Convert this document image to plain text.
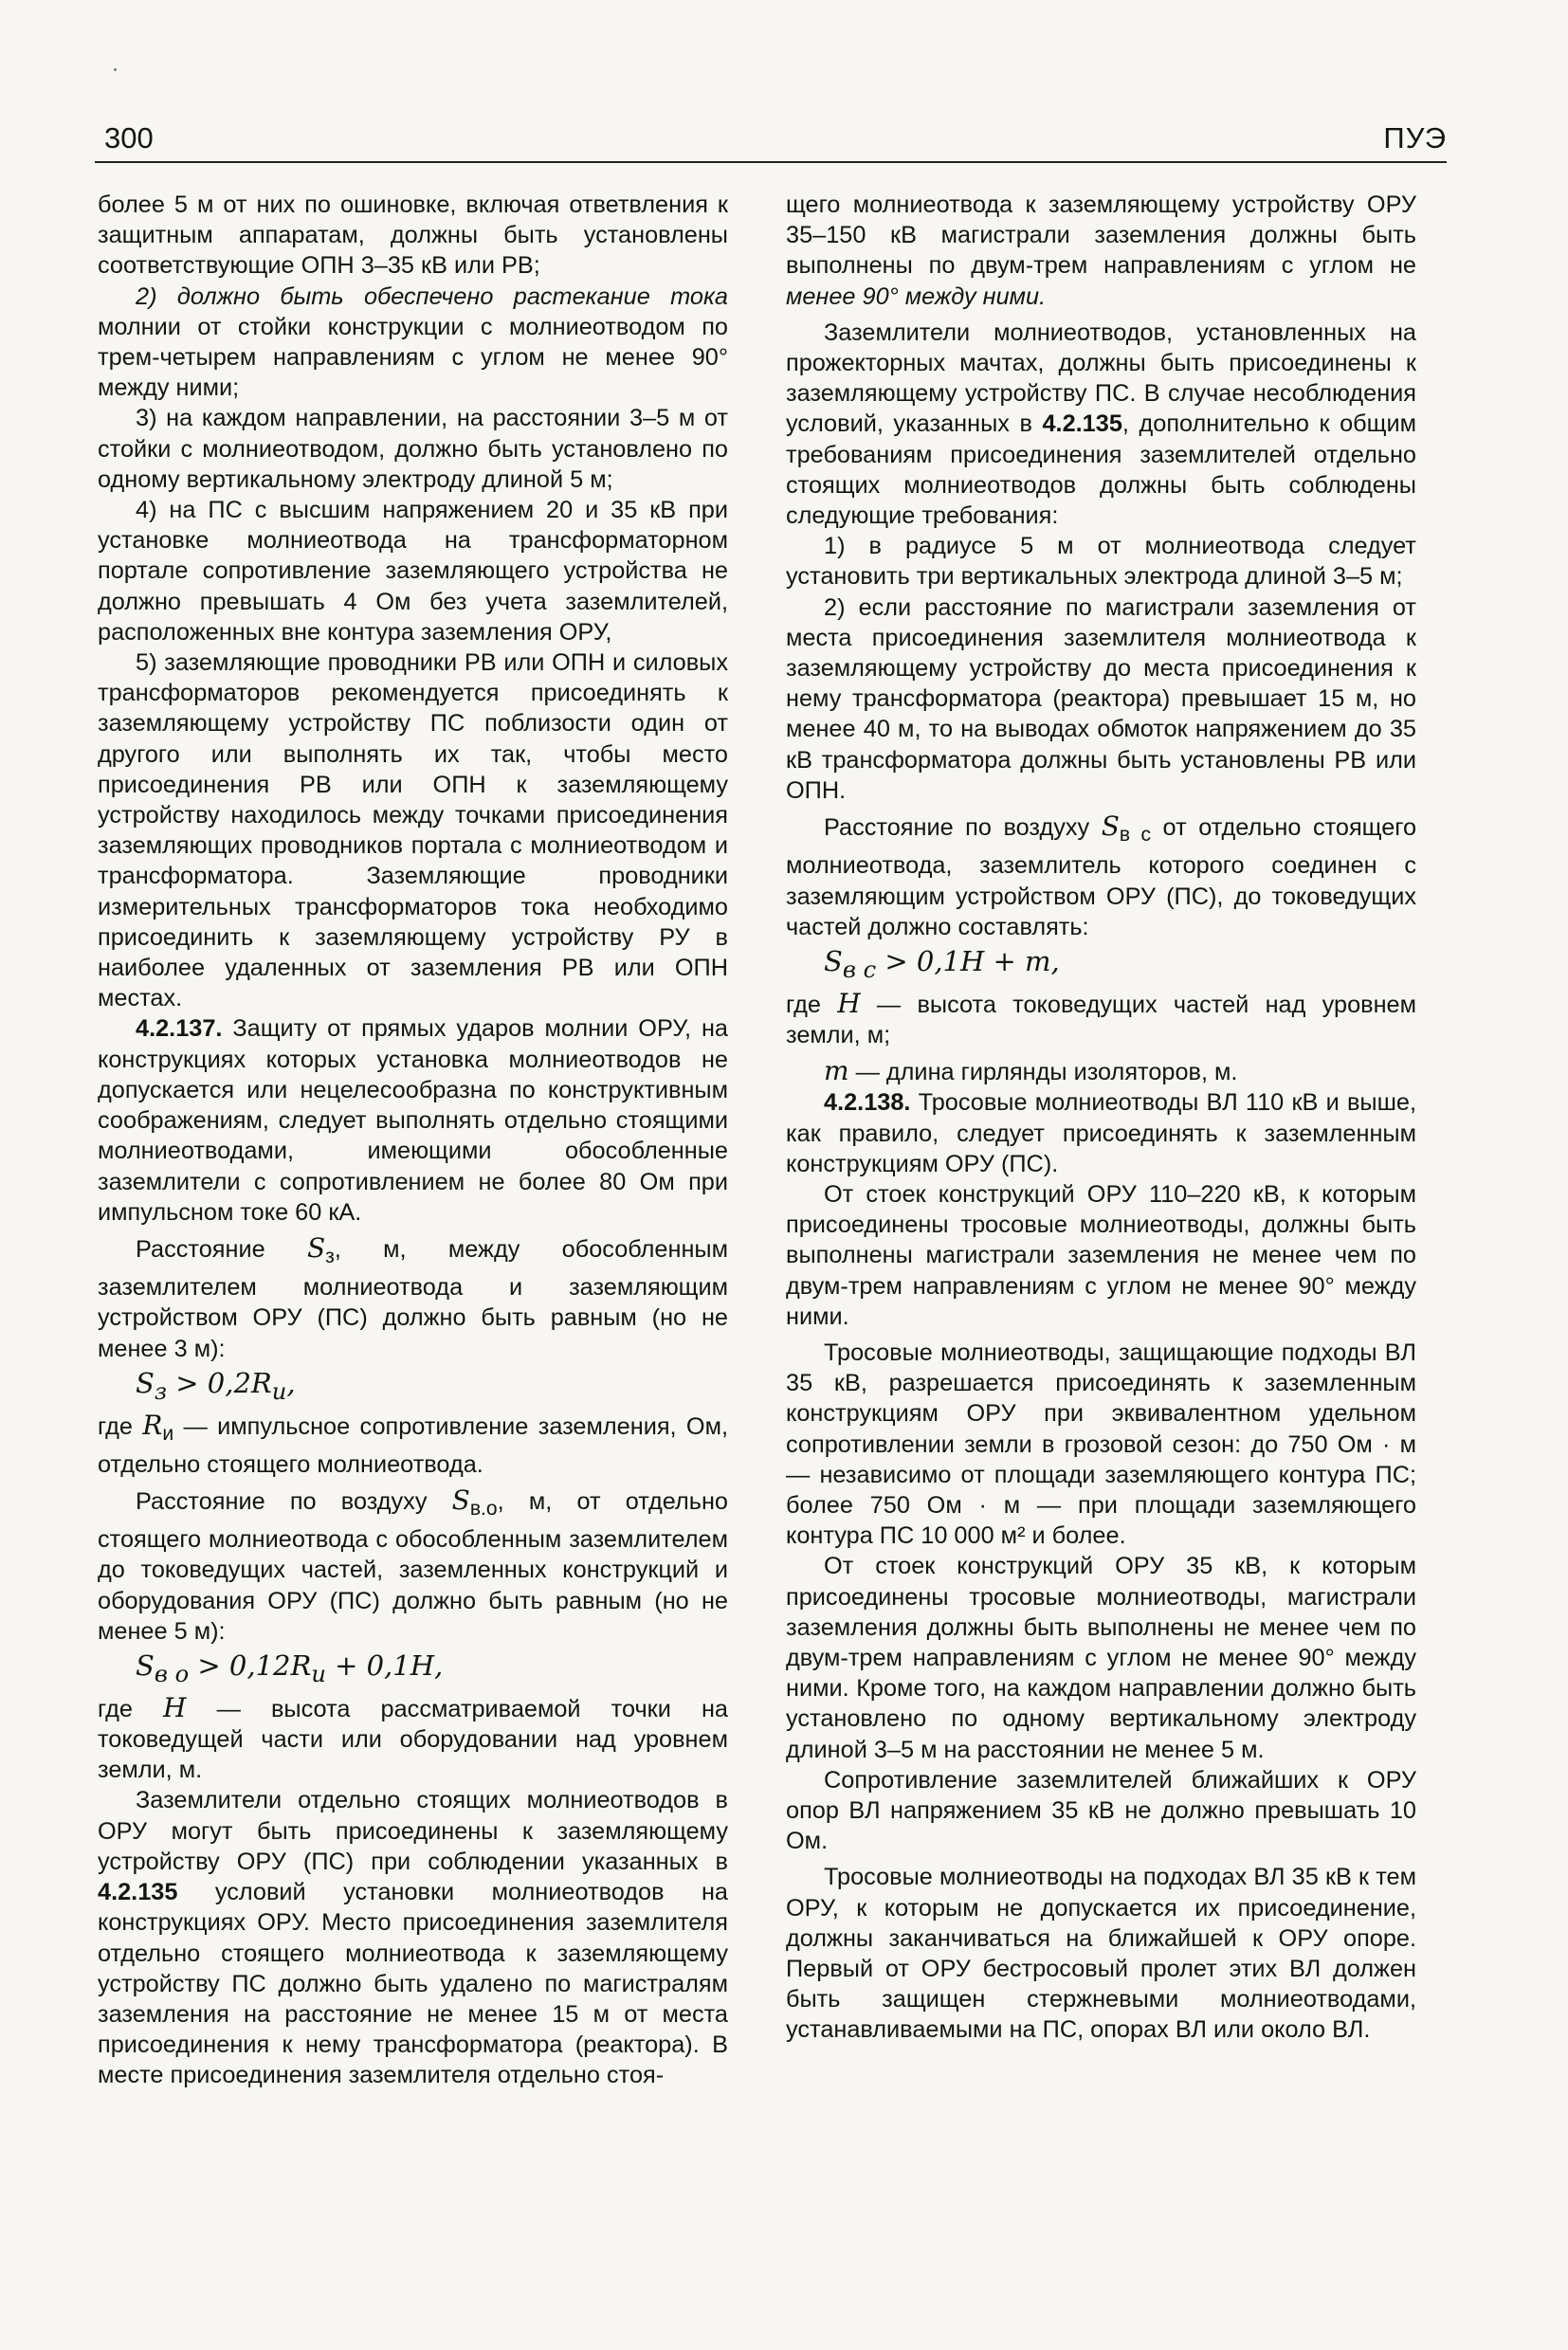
300	ПУЭ

более 5 м от них по ошиновке, включая ответвления к защитным аппаратам, должны быть установлены соответствующие ОПН 3–35 кВ или РВ;

2) должно быть обеспечено растекание тока молнии от стойки конструкции с молниеотводом по трем-четырем направлениям с углом не менее 90° между ними;

3) на каждом направлении, на расстоянии 3–5 м от стойки с молниеотводом, должно быть установлено по одному вертикальному электроду длиной 5 м;

4) на ПС с высшим напряжением 20 и 35 кВ при установке молниеотвода на трансформаторном портале сопротивление заземляющего устройства не должно превышать 4 Ом без учета заземлителей, расположенных вне контура заземления ОРУ,

5) заземляющие проводники РВ или ОПН и силовых трансформаторов рекомендуется присоединять к заземляющему устройству ПС поблизости один от другого или выполнять их так, чтобы место присоединения РВ или ОПН к заземляющему устройству находилось между точками присоединения заземляющих проводников портала с молниеотводом и трансформатора. Заземляющие проводники измерительных трансформаторов тока необходимо присоединить к заземляющему устройству РУ в наиболее удаленных от заземления РВ или ОПН местах.

4.2.137. Защиту от прямых ударов молнии ОРУ, на конструкциях которых установка молниеотводов не допускается или нецелесообразна по конструктивным соображениям, следует выполнять отдельно стоящими молниеотводами, имеющими обособленные заземлители с сопротивлением не более 80 Ом при импульсном токе 60 кА.

Расстояние $S_з$, м, между обособленным заземлителем молниеотвода и заземляющим устройством ОРУ (ПС) должно быть равным (но не менее 3 м):

$S_з > 0,2R_и$,

где $R_и$ — импульсное сопротивление заземления, Ом, отдельно стоящего молниеотвода.

Расстояние по воздуху $S_{в.о}$, м, от отдельно стоящего молниеотвода с обособленным заземлителем до токоведущих частей, заземленных конструкций и оборудования ОРУ (ПС) должно быть равным (но не менее 5 м):

$S_{в о} > 0,12R_и + 0,1H$,

где H — высота рассматриваемой точки на токоведущей части или оборудовании над уровнем земли, м.

Заземлители отдельно стоящих молниеотводов в ОРУ могут быть присоединены к заземляющему устройству ОРУ (ПС) при соблюдении указанных в 4.2.135 условий установки молниеотводов на конструкциях ОРУ. Место присоединения заземлителя отдельно стоящего молниеотвода к заземляющему устройству ПС должно быть удалено по магистралям заземления на расстояние не менее 15 м от места присоединения к нему трансформатора (реактора). В месте присоединения заземлителя отдельно стоя-

щего молниеотвода к заземляющему устройству ОРУ 35–150 кВ магистрали заземления должны быть выполнены по двум-трем направлениям с углом не менее 90° между ними.

Заземлители молниеотводов, установленных на прожекторных мачтах, должны быть присоединены к заземляющему устройству ПС. В случае несоблюдения условий, указанных в 4.2.135, дополнительно к общим требованиям присоединения заземлителей отдельно стоящих молниеотводов должны быть соблюдены следующие требования:

1) в радиусе 5 м от молниеотвода следует установить три вертикальных электрода длиной 3–5 м;

2) если расстояние по магистрали заземления от места присоединения заземлителя молниеотвода к заземляющему устройству до места присоединения к нему трансформатора (реактора) превышает 15 м, но менее 40 м, то на выводах обмоток напряжением до 35 кВ трансформатора должны быть установлены РВ или ОПН.

Расстояние по воздуху $S_{в с}$ от отдельно стоящего молниеотвода, заземлитель которого соединен с заземляющим устройством ОРУ (ПС), до токоведущих частей должно составлять:

$S_{в с} > 0,1H + m$,

где H — высота токоведущих частей над уровнем земли, м;

m — длина гирлянды изоляторов, м.

4.2.138. Тросовые молниеотводы ВЛ 110 кВ и выше, как правило, следует присоединять к заземленным конструкциям ОРУ (ПС).

От стоек конструкций ОРУ 110–220 кВ, к которым присоединены тросовые молниеотводы, должны быть выполнены магистрали заземления не менее чем по двум-трем направлениям с углом не менее 90° между ними.

Тросовые молниеотводы, защищающие подходы ВЛ 35 кВ, разрешается присоединять к заземленным конструкциям ОРУ при эквивалентном удельном сопротивлении земли в грозовой сезон: до 750 Ом · м — независимо от площади заземляющего контура ПС; более 750 Ом · м — при площади заземляющего контура ПС 10 000 м² и более.

От стоек конструкций ОРУ 35 кВ, к которым присоединены тросовые молниеотводы, магистрали заземления должны быть выполнены не менее чем по двум-трем направлениям с углом не менее 90° между ними. Кроме того, на каждом направлении должно быть установлено по одному вертикальному электроду длиной 3–5 м на расстоянии не менее 5 м.

Сопротивление заземлителей ближайших к ОРУ опор ВЛ напряжением 35 кВ не должно превышать 10 Ом.

Тросовые молниеотводы на подходах ВЛ 35 кВ к тем ОРУ, к которым не допускается их присоединение, должны заканчиваться на ближайшей к ОРУ опоре. Первый от ОРУ бестросовый пролет этих ВЛ должен быть защищен стержневыми молниеотводами, устанавливаемыми на ПС, опорах ВЛ или около ВЛ.
